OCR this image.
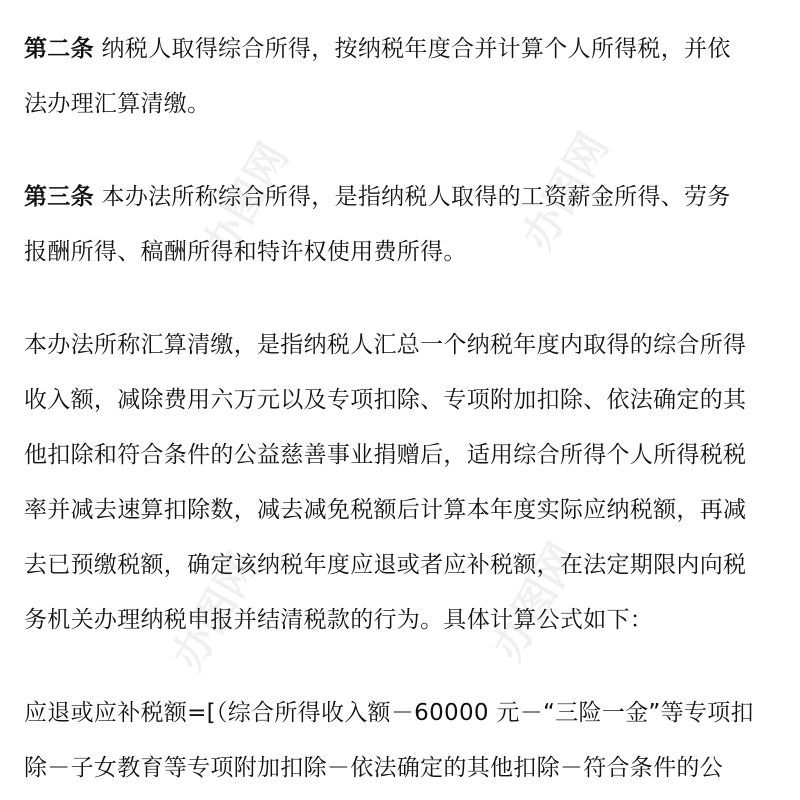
办图网	办图网
办图网	办图网

第二条 纳税人取得综合所得，按纳税年度合并计算个人所得税，并依
法办理汇算清缴。

第三条 本办法所称综合所得，是指纳税人取得的工资薪金所得、劳务
报酬所得、稿酬所得和特许权使用费所得。

本办法所称汇算清缴，是指纳税人汇总一个纳税年度内取得的综合所得
收入额，减除费用六万元以及专项扣除、专项附加扣除、依法确定的其
他扣除和符合条件的公益慈善事业捐赠后，适用综合所得个人所得税税
率并减去速算扣除数，减去减免税额后计算本年度实际应纳税额，再减
去已预缴税额，确定该纳税年度应退或者应补税额，在法定期限内向税
务机关办理纳税申报并结清税款的行为。具体计算公式如下：

应退或应补税额=[（综合所得收入额－60000 元－“三险一金”等专项扣
除－子女教育等专项附加扣除－依法确定的其他扣除－符合条件的公
